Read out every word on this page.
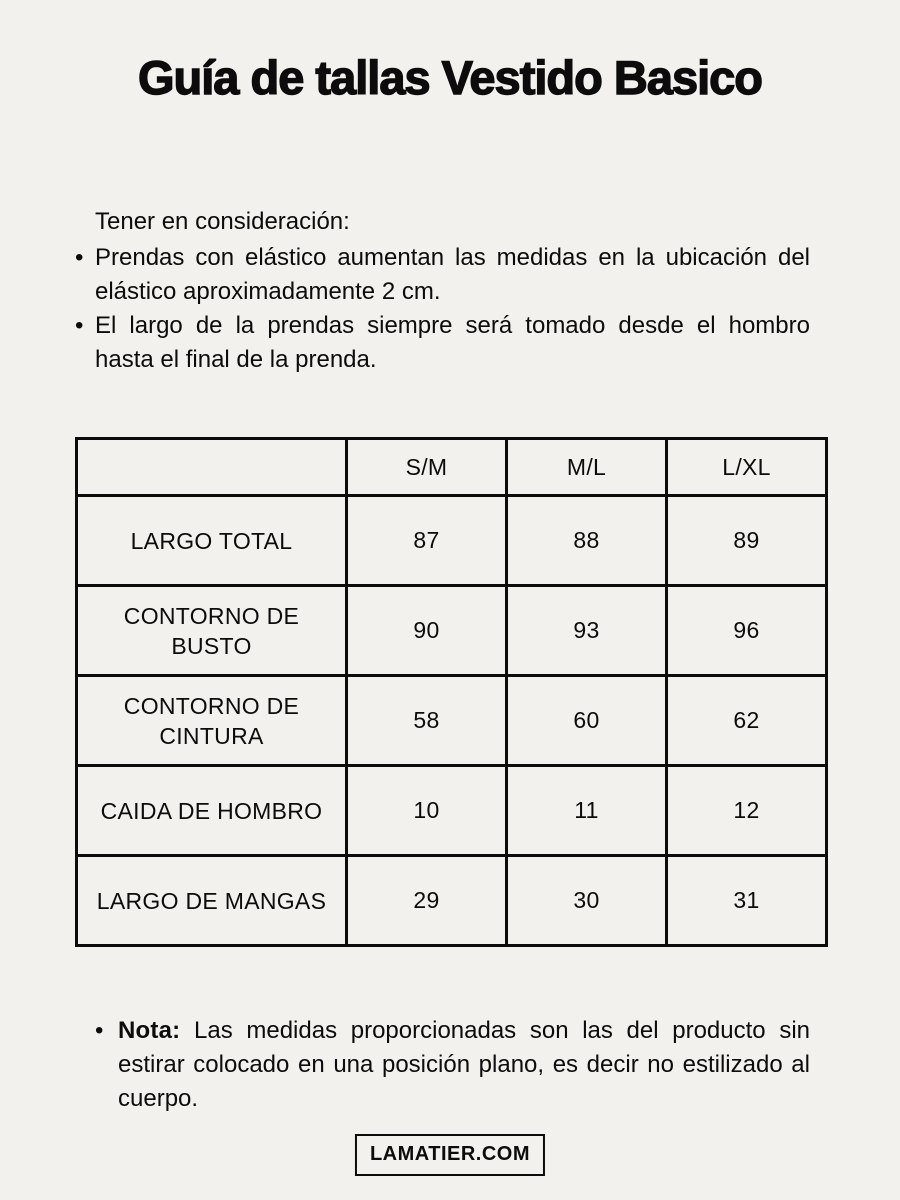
Guía de tallas Vestido Basico
Tener en consideración:
• Prendas con elástico aumentan las medidas en la ubicación del elástico aproximadamente 2 cm.
• El largo de la prendas siempre será tomado desde el hombro hasta el final de la prenda.
	S/M	M/L	L/XL
LARGO TOTAL	87	88	89
CONTORNO DE BUSTO	90	93	96
CONTORNO DE CINTURA	58	60	62
CAIDA DE HOMBRO	10	11	12
LARGO DE MANGAS	29	30	31
• Nota: Las medidas proporcionadas son las del producto sin estirar colocado en una posición plano, es decir no estilizado al cuerpo.
LAMATIER.COM
